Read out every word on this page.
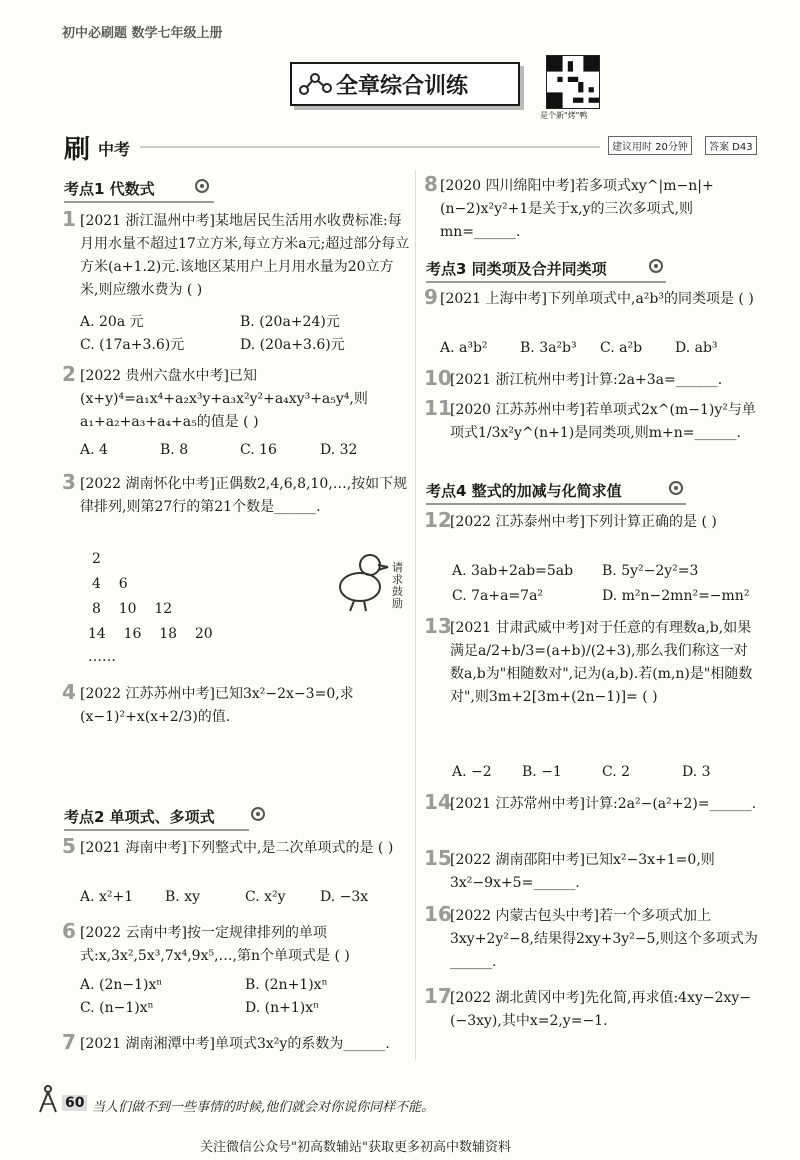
初中必刷题 数学七年级上册
全章综合训练
是个新"烤"鸭
刷 中考	建议用时 20分钟	答案 D43
考点1 代数式
1 [2021 浙江温州中考]某地居民生活用水收费标准:每月用水量不超过17立方米,每立方米a元;超过部分每立方米(a+1.2)元.该地区某用户上月用水量为20立方米,则应缴水费为 ( )
A. 20a 元	B. (20a+24)元
C. (17a+3.6)元	D. (20a+3.6)元
2 [2022 贵州六盘水中考]已知(x+y)⁴=a₁x⁴+a₂x³y+a₃x²y²+a₄xy³+a₅y⁴,则a₁+a₂+a₃+a₄+a₅的值是 ( )
A. 4	B. 8	C. 16	D. 32
3 [2022 湖南怀化中考]正偶数2,4,6,8,10,…,按如下规律排列,则第27行的第21个数是______.
2
4    6
8    10    12
14    16    18    20
……
请求鼓励
4 [2022 江苏苏州中考]已知3x²−2x−3=0,求(x−1)²+x(x+2/3)的值.
考点2 单项式、多项式
5 [2021 海南中考]下列整式中,是二次单项式的是 ( )
A. x²+1 B. xy	C. x²y D. −3x
6 [2022 云南中考]按一定规律排列的单项式:x,3x²,5x³,7x⁴,9x⁵,…,第n个单项式是 ( )
A. (2n−1)xⁿ	B. (2n+1)xⁿ
C. (n−1)xⁿ	D. (n+1)xⁿ
7 [2021 湖南湘潭中考]单项式3x²y的系数为______.
8 [2020 四川绵阳中考]若多项式xy^|m−n|+(n−2)x²y²+1是关于x,y的三次多项式,则mn=______.
考点3 同类项及合并同类项
9 [2021 上海中考]下列单项式中,a²b³的同类项是 ( )
A. a³b² B. 3a²b³ C. a²b D. ab³
10
[2021 浙江杭州中考]计算:2a+3a=______.
11
[2020 江苏苏州中考]若单项式2x^(m−1)y²与单项式1/3x²y^(n+1)是同类项,则m+n=______.
考点4 整式的加减与化简求值
12
[2022 江苏泰州中考]下列计算正确的是 ( )
A. 3ab+2ab=5ab B. 5y²−2y²=3
C. 7a+a=7a²	D. m²n−2mn²=−mn²
13
[2021 甘肃武威中考]对于任意的有理数a,b,如果满足a/2+b/3=(a+b)/(2+3),那么我们称这一对数a,b为"相随数对",记为(a,b).若(m,n)是"相随数对",则3m+2[3m+(2n−1)]= ( )
A. −2 B. −1	C. 2	D. 3
14
[2021 江苏常州中考]计算:2a²−(a²+2)=______.
15
[2022 湖南邵阳中考]已知x²−3x+1=0,则3x²−9x+5=______.
16
[2022 内蒙古包头中考]若一个多项式加上3xy+2y²−8,结果得2xy+3y²−5,则这个多项式为______.
17
[2022 湖北黄冈中考]先化简,再求值:4xy−2xy−(−3xy),其中x=2,y=−1.
60 当人们做不到一些事情的时候,他们就会对你说你同样不能。
关注微信公众号"初高数辅站"获取更多初高中数辅资料
